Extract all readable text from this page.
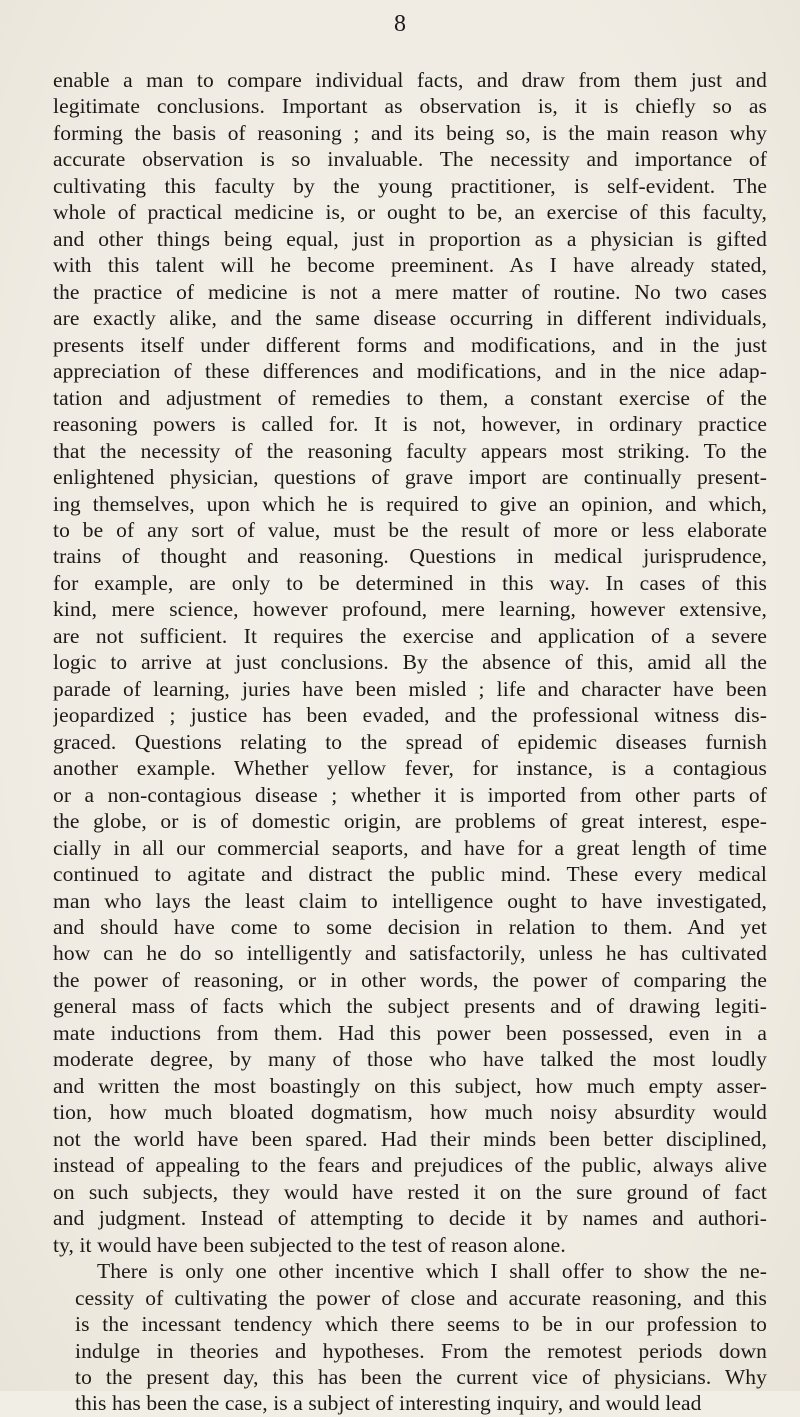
8

enable a man to compare individual facts, and draw from them just and
legitimate conclusions. Important as observation is, it is chiefly so as
forming the basis of reasoning ; and its being so, is the main reason why
accurate observation is so invaluable. The necessity and importance of
cultivating this faculty by the young practitioner, is self-evident. The
whole of practical medicine is, or ought to be, an exercise of this faculty,
and other things being equal, just in proportion as a physician is gifted
with this talent will he become preeminent. As I have already stated,
the practice of medicine is not a mere matter of routine. No two cases
are exactly alike, and the same disease occurring in different individuals,
presents itself under different forms and modifications, and in the just
appreciation of these differences and modifications, and in the nice adap-
tation and adjustment of remedies to them, a constant exercise of the
reasoning powers is called for. It is not, however, in ordinary practice
that the necessity of the reasoning faculty appears most striking. To the
enlightened physician, questions of grave import are continually present-
ing themselves, upon which he is required to give an opinion, and which,
to be of any sort of value, must be the result of more or less elaborate
trains of thought and reasoning. Questions in medical jurisprudence,
for example, are only to be determined in this way. In cases of this
kind, mere science, however profound, mere learning, however extensive,
are not sufficient. It requires the exercise and application of a severe
logic to arrive at just conclusions. By the absence of this, amid all the
parade of learning, juries have been misled ; life and character have been
jeopardized ; justice has been evaded, and the professional witness dis-
graced. Questions relating to the spread of epidemic diseases furnish
another example. Whether yellow fever, for instance, is a contagious
or a non-contagious disease ; whether it is imported from other parts of
the globe, or is of domestic origin, are problems of great interest, espe-
cially in all our commercial seaports, and have for a great length of time
continued to agitate and distract the public mind. These every medical
man who lays the least claim to intelligence ought to have investigated,
and should have come to some decision in relation to them. And yet
how can he do so intelligently and satisfactorily, unless he has cultivated
the power of reasoning, or in other words, the power of comparing the
general mass of facts which the subject presents and of drawing legiti-
mate inductions from them. Had this power been possessed, even in a
moderate degree, by many of those who have talked the most loudly
and written the most boastingly on this subject, how much empty asser-
tion, how much bloated dogmatism, how much noisy absurdity would
not the world have been spared. Had their minds been better disciplined,
instead of appealing to the fears and prejudices of the public, always alive
on such subjects, they would have rested it on the sure ground of fact
and judgment. Instead of attempting to decide it by names and authori-
ty, it would have been subjected to the test of reason alone.

There is only one other incentive which I shall offer to show the ne-
cessity of cultivating the power of close and accurate reasoning, and this
is the incessant tendency which there seems to be in our profession to
indulge in theories and hypotheses. From the remotest periods down
to the present day, this has been the current vice of physicians. Why
this has been the case, is a subject of interesting inquiry, and would lead
